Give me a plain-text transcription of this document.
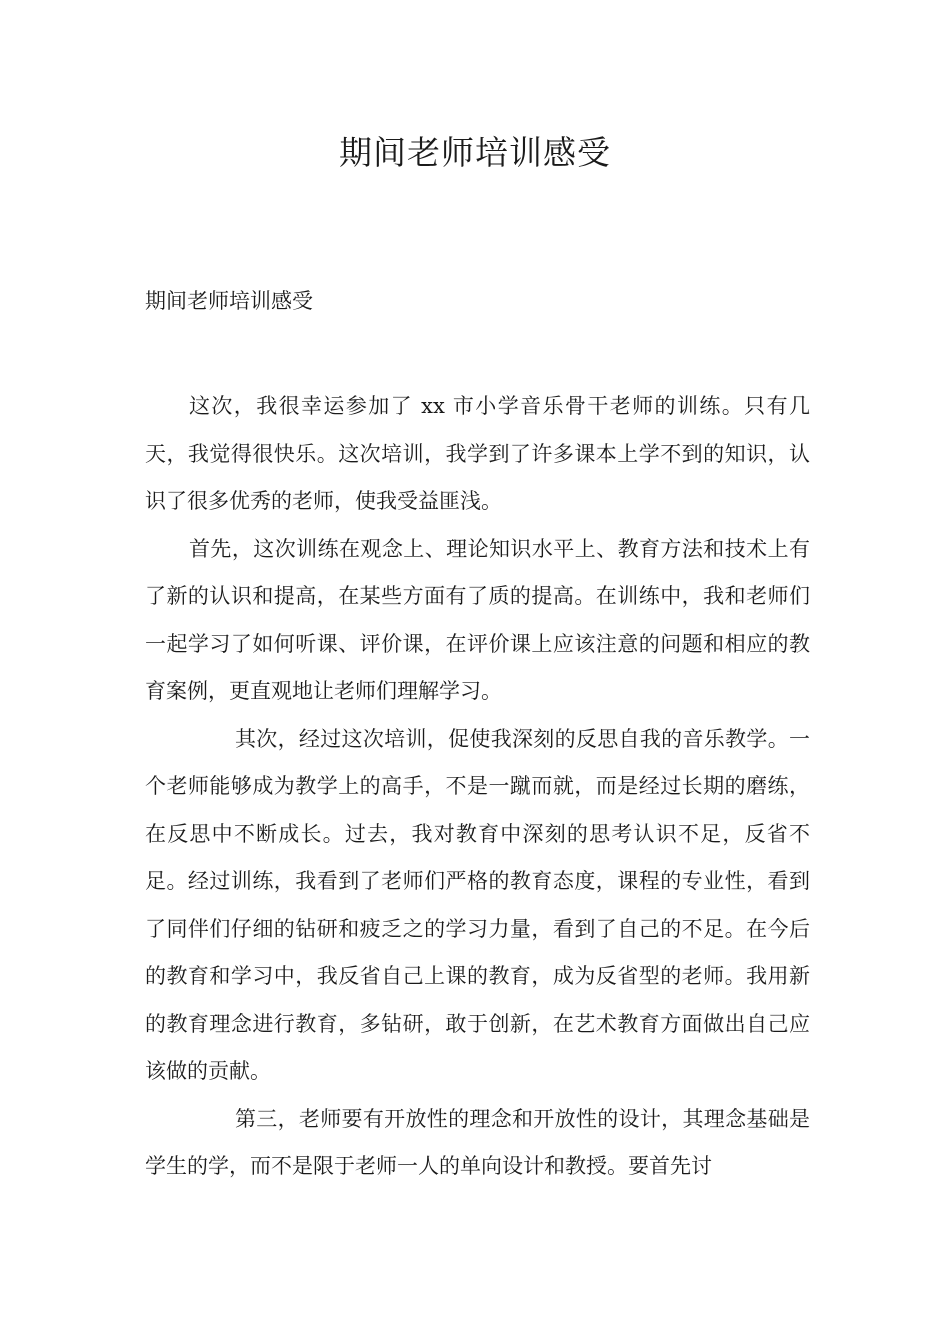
期间老师培训感受

期间老师培训感受

这次，我很幸运参加了 xx 市小学音乐骨干老师的训练。只有几天，我觉得很快乐。这次培训，我学到了许多课本上学不到的知识，认识了很多优秀的老师，使我受益匪浅。

首先，这次训练在观念上、理论知识水平上、教育方法和技术上有了新的认识和提高，在某些方面有了质的提高。在训练中，我和老师们一起学习了如何听课、评价课，在评价课上应该注意的问题和相应的教育案例，更直观地让老师们理解学习。

其次，经过这次培训，促使我深刻的反思自我的音乐教学。一个老师能够成为教学上的高手，不是一蹴而就，而是经过长期的磨练，在反思中不断成长。过去，我对教育中深刻的思考认识不足，反省不足。经过训练，我看到了老师们严格的教育态度，课程的专业性，看到了同伴们仔细的钻研和疲乏之的学习力量，看到了自己的不足。在今后的教育和学习中，我反省自己上课的教育，成为反省型的老师。我用新的教育理念进行教育，多钻研，敢于创新，在艺术教育方面做出自己应该做的贡献。

第三，老师要有开放性的理念和开放性的设计，其理念基础是学生的学，而不是限于老师一人的单向设计和教授。要首先讨
